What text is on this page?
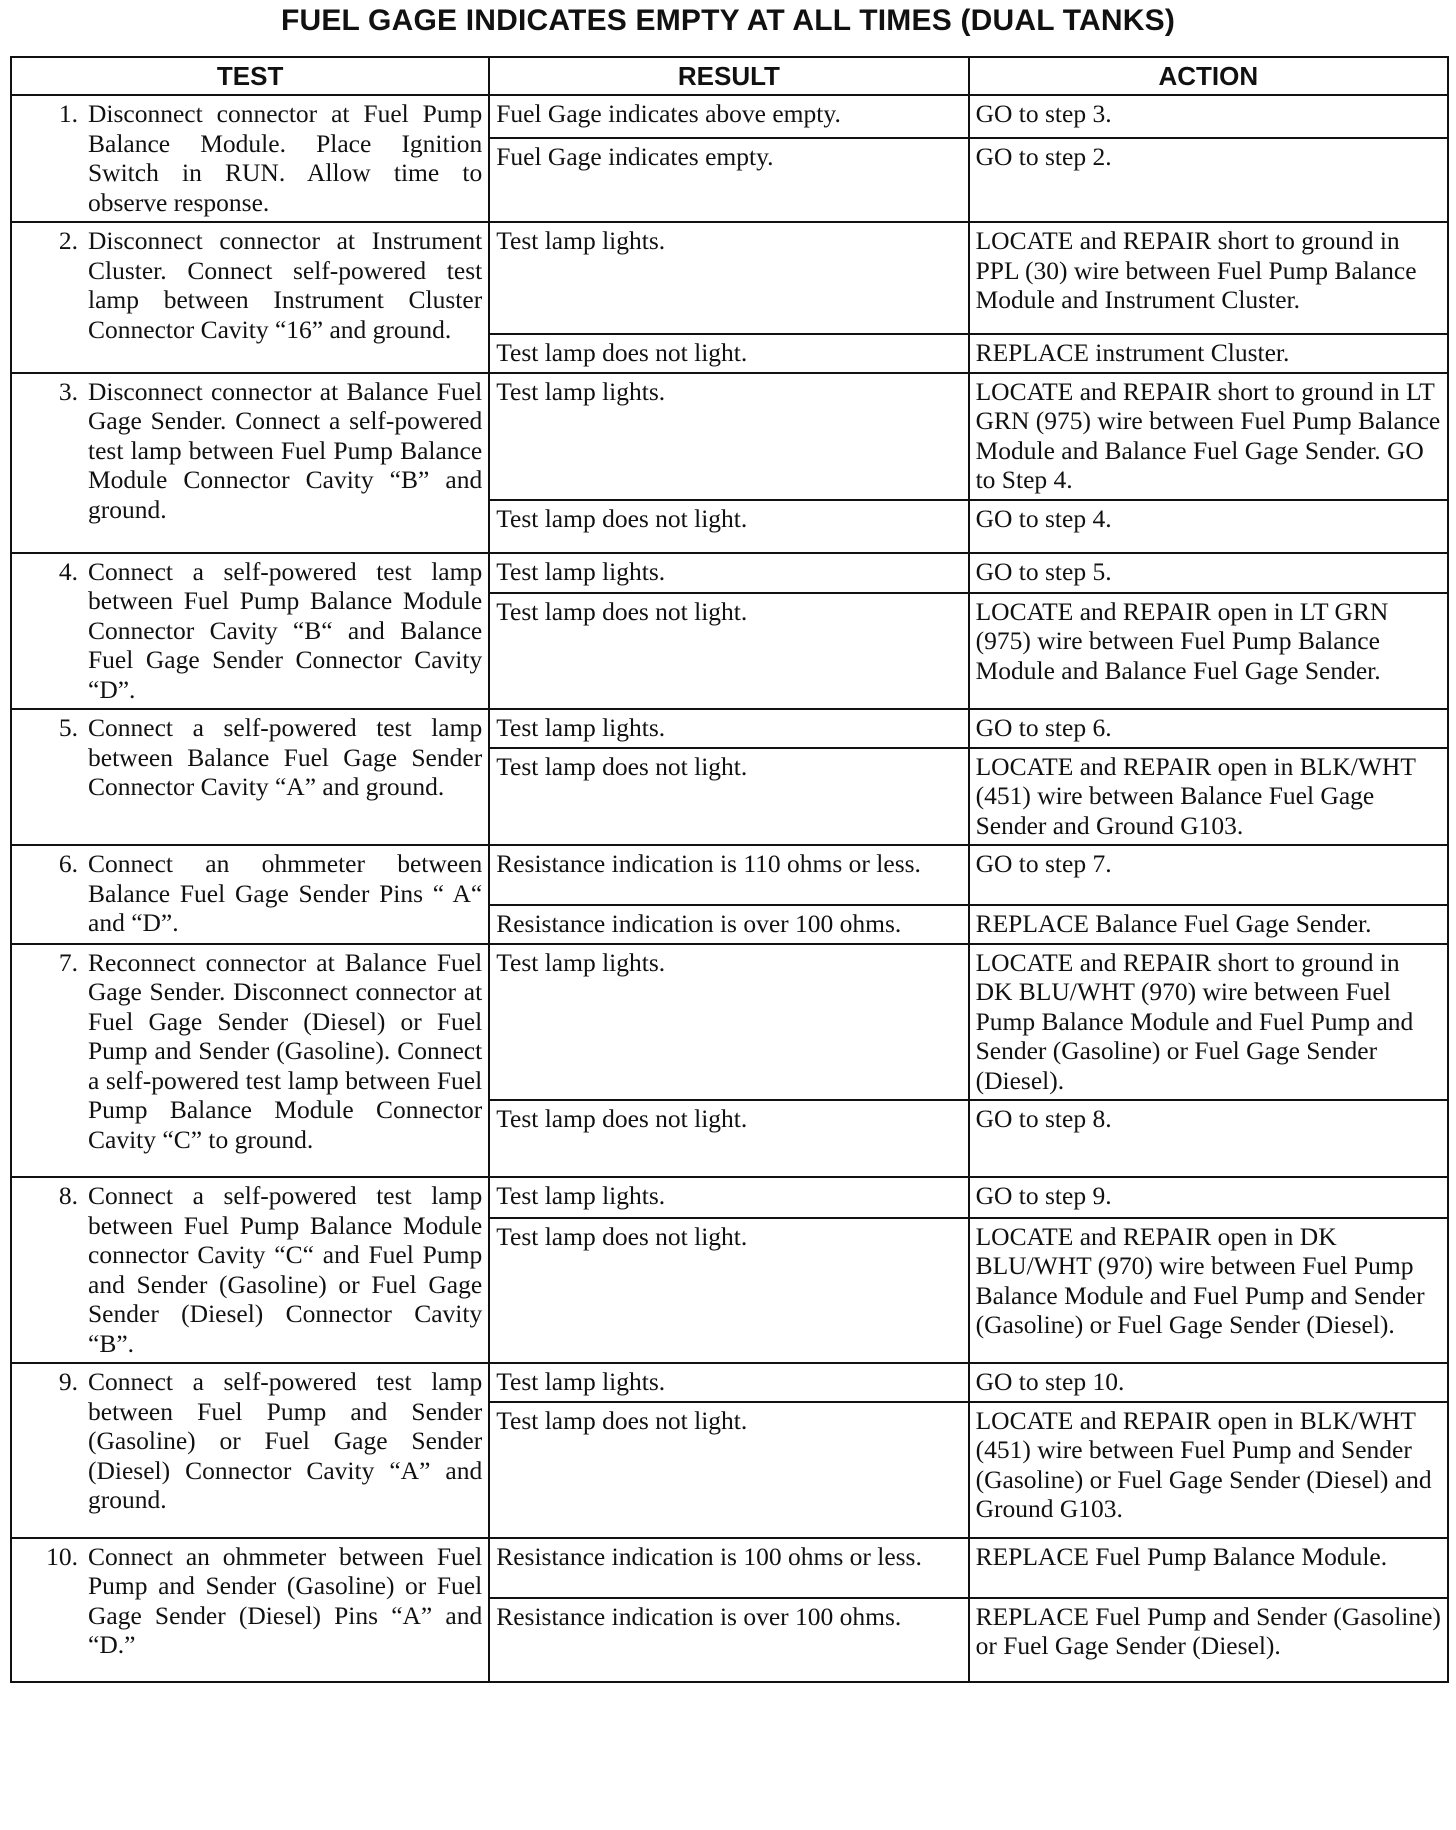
FUEL GAGE INDICATES EMPTY AT ALL TIMES (DUAL TANKS)
TEST	RESULT	ACTION

1. Disconnect connector at Fuel Pump Balance Module. Place Ignition Switch in RUN. Allow time to observe response.	Fuel Gage indicates above empty.	GO to step 3.
	Fuel Gage indicates empty.	GO to step 2.

2. Disconnect connector at Instrument Cluster. Connect self-powered test lamp between Instrument Cluster Connector Cavity “16” and ground.	Test lamp lights.	LOCATE and REPAIR short to ground in PPL (30) wire between Fuel Pump Balance Module and Instrument Cluster.
	Test lamp does not light.	REPLACE instrument Cluster.

3. Disconnect connector at Balance Fuel Gage Sender. Connect a self-powered test lamp between Fuel Pump Balance Module Connector Cavity “B” and ground.	Test lamp lights.	LOCATE and REPAIR short to ground in LT GRN (975) wire between Fuel Pump Balance Module and Balance Fuel Gage Sender. GO to Step 4.
	Test lamp does not light.	GO to step 4.

4. Connect a self-powered test lamp between Fuel Pump Balance Module Connector Cavity “B“ and Balance Fuel Gage Sender Connector Cavity “D”.	Test lamp lights.	GO to step 5.
	Test lamp does not light.	LOCATE and REPAIR open in LT GRN (975) wire between Fuel Pump Balance Module and Balance Fuel Gage Sender.

5. Connect a self-powered test lamp between Balance Fuel Gage Sender Connector Cavity “A” and ground.	Test lamp lights.	GO to step 6.
	Test lamp does not light.	LOCATE and REPAIR open in BLK/WHT (451) wire between Balance Fuel Gage Sender and Ground G103.

6. Connect an ohmmeter between Balance Fuel Gage Sender Pins “ A“ and “D”.	Resistance indication is 110 ohms or less.	GO to step 7.
	Resistance indication is over 100 ohms.	REPLACE Balance Fuel Gage Sender.

7. Reconnect connector at Balance Fuel Gage Sender. Disconnect connector at Fuel Gage Sender (Diesel) or Fuel Pump and Sender (Gasoline). Connect a self-powered test lamp between Fuel Pump Balance Module Connector Cavity “C” to ground.	Test lamp lights.	LOCATE and REPAIR short to ground in DK BLU/WHT (970) wire between Fuel Pump Balance Module and Fuel Pump and Sender (Gasoline) or Fuel Gage Sender (Diesel).
	Test lamp does not light.	GO to step 8.

8. Connect a self-powered test lamp between Fuel Pump Balance Module connector Cavity “C“ and Fuel Pump and Sender (Gasoline) or Fuel Gage Sender (Diesel) Connector Cavity “B”.	Test lamp lights.	GO to step 9.
	Test lamp does not light.	LOCATE and REPAIR open in DK BLU/WHT (970) wire between Fuel Pump Balance Module and Fuel Pump and Sender (Gasoline) or Fuel Gage Sender (Diesel).

9. Connect a self-powered test lamp between Fuel Pump and Sender (Gasoline) or Fuel Gage Sender (Diesel) Connector Cavity “A” and ground.	Test lamp lights.	GO to step 10.
	Test lamp does not light.	LOCATE and REPAIR open in BLK/WHT (451) wire between Fuel Pump and Sender (Gasoline) or Fuel Gage Sender (Diesel) and Ground G103.

10. Connect an ohmmeter between Fuel Pump and Sender (Gasoline) or Fuel Gage Sender (Diesel) Pins “A” and “D.”	Resistance indication is 100 ohms or less.	REPLACE Fuel Pump Balance Module.
	Resistance indication is over 100 ohms.	REPLACE Fuel Pump and Sender (Gasoline) or Fuel Gage Sender (Diesel).
